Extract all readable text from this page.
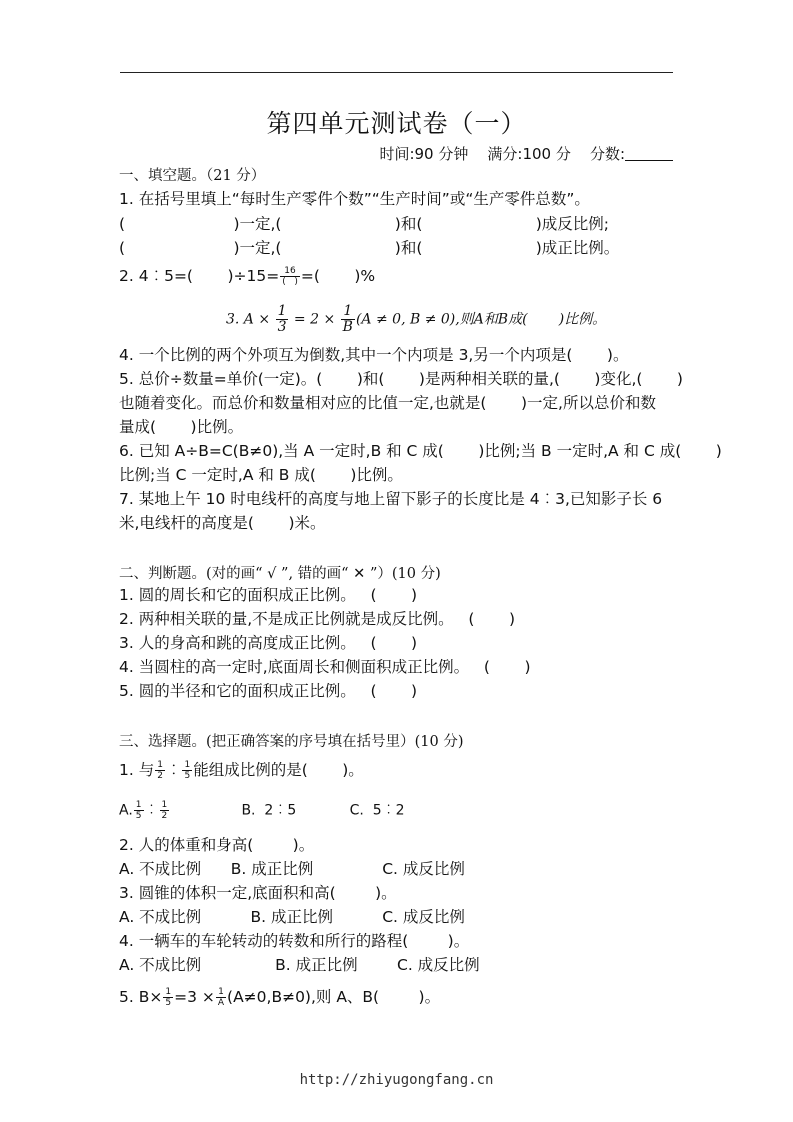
第四单元测试卷（一）
时间:90 分钟    满分:100 分    分数:
一、填空题。（21 分）
1. 在括号里填上“每时生产零件个数”“生产时间”或“生产零件总数”。
(                      )一定,(                       )和(                       )成反比例;
(                      )一定,(                       )和(                       )成正比例。
2. 4︰5=(       )$\div 15= \frac{16}{( )}$ =(       )%
3. $A \times \frac{1}{3} = 2 \times \frac{1}{B} (A \ne 0$, B ≠ 0),则A和B成(       )比例。
4. 一个比例的两个外项互为倒数,其中一个内项是 3,另一个内项是(       )。
5. 总价÷数量=单价(一定)。(       )和(       )是两种相关联的量,(       )变化,(       )
也随着变化。而总价和数量相对应的比值一定,也就是(       )一定,所以总价和数
量成(       )比例。
6. 已知 A÷B=C(B≠0),当 A 一定时,B 和 C 成(       )比例;当 B 一定时,A 和 C 成(       )
比例;当 C 一定时,A 和 B 成(       )比例。
7. 某地上午 10 时电线杆的高度与地上留下影子的长度比是 4︰3,已知影子长 6
米,电线杆的高度是(       )米。
二、判断题。(对的画“ √ ”, 错的画“ ✕ ”）(10 分)
1. 圆的周长和它的面积成正比例。   (       )
2. 两种相关联的量,不是成正比例就是成反比例。   (       )
3. 人的身高和跳的高度成正比例。   (       )
4. 当圆柱的高一定时,底面周长和侧面积成正比例。   (       )
5. 圆的半径和它的面积成正比例。   (       )
三、选择题。(把正确答案的序号填在括号里）(10 分)
1. 与 $\frac{1}{2}$ ︰ $\frac{1}{5}$ 能组成比例的是(       )。
A. $\frac{1}{5}$ ︰ $\frac{1}{2} B$.  2︰5            C.  5︰2
2. 人的体重和身高(        )。
A. 不成比例      B. 成正比例              C. 成反比例
3. 圆锥的体积一定,底面积和高(        )。
A. 不成比例          B. 成正比例          C. 成反比例
4. 一辆车的车轮转动的转数和所行的路程(        )。
A. 不成比例               B. 成正比例        C. 成反比例
5. $B\times \frac{1}{5} =3 \times \frac{1}{A} (A\ne 0,B\ne 0)$,则 A、B(        )。
http://zhiyugongfang.cn
